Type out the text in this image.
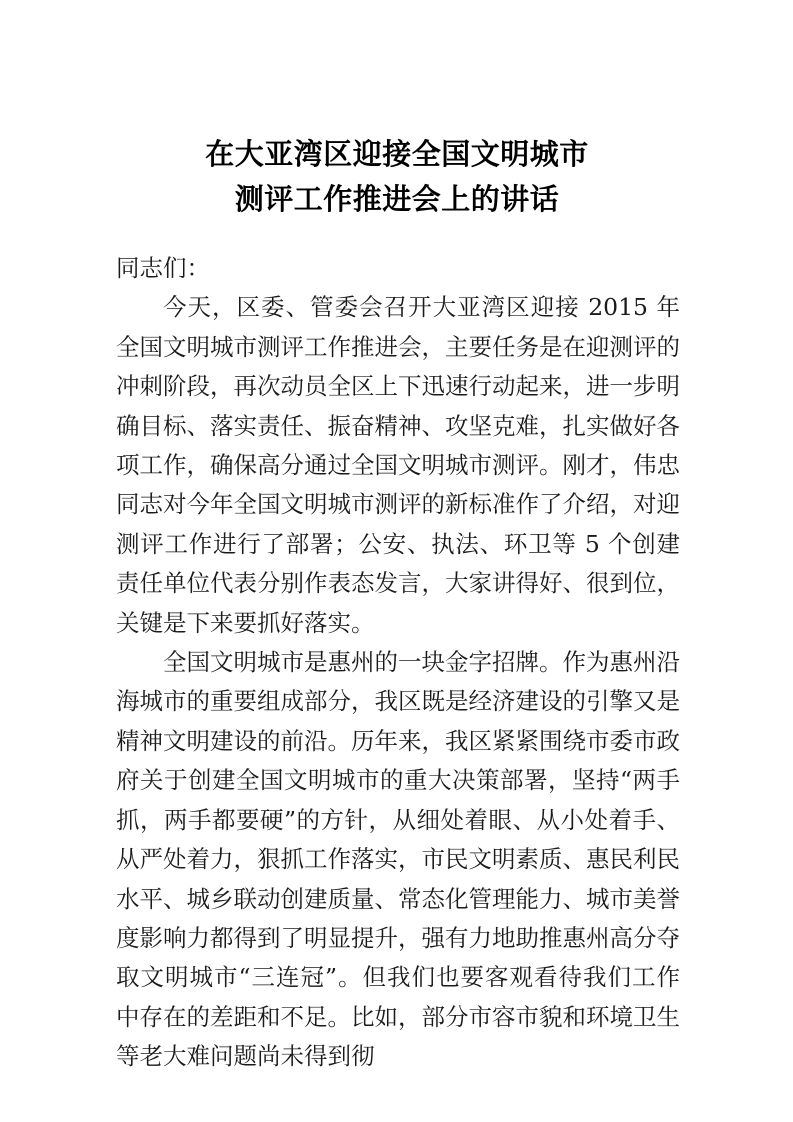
在大亚湾区迎接全国文明城市
测评工作推进会上的讲话

同志们：

今天，区委、管委会召开大亚湾区迎接 2015 年全国文明城市测评工作推进会，主要任务是在迎测评的冲刺阶段，再次动员全区上下迅速行动起来，进一步明确目标、落实责任、振奋精神、攻坚克难，扎实做好各项工作，确保高分通过全国文明城市测评。刚才，伟忠同志对今年全国文明城市测评的新标准作了介绍，对迎测评工作进行了部署；公安、执法、环卫等 5 个创建责任单位代表分别作表态发言，大家讲得好、很到位，关键是下来要抓好落实。

全国文明城市是惠州的一块金字招牌。作为惠州沿海城市的重要组成部分，我区既是经济建设的引擎又是精神文明建设的前沿。历年来，我区紧紧围绕市委市政府关于创建全国文明城市的重大决策部署，坚持“两手抓，两手都要硬”的方针，从细处着眼、从小处着手、从严处着力，狠抓工作落实，市民文明素质、惠民利民水平、城乡联动创建质量、常态化管理能力、城市美誉度影响力都得到了明显提升，强有力地助推惠州高分夺取文明城市“三连冠”。但我们也要客观看待我们工作中存在的差距和不足。比如，部分市容市貌和环境卫生等老大难问题尚未得到彻
